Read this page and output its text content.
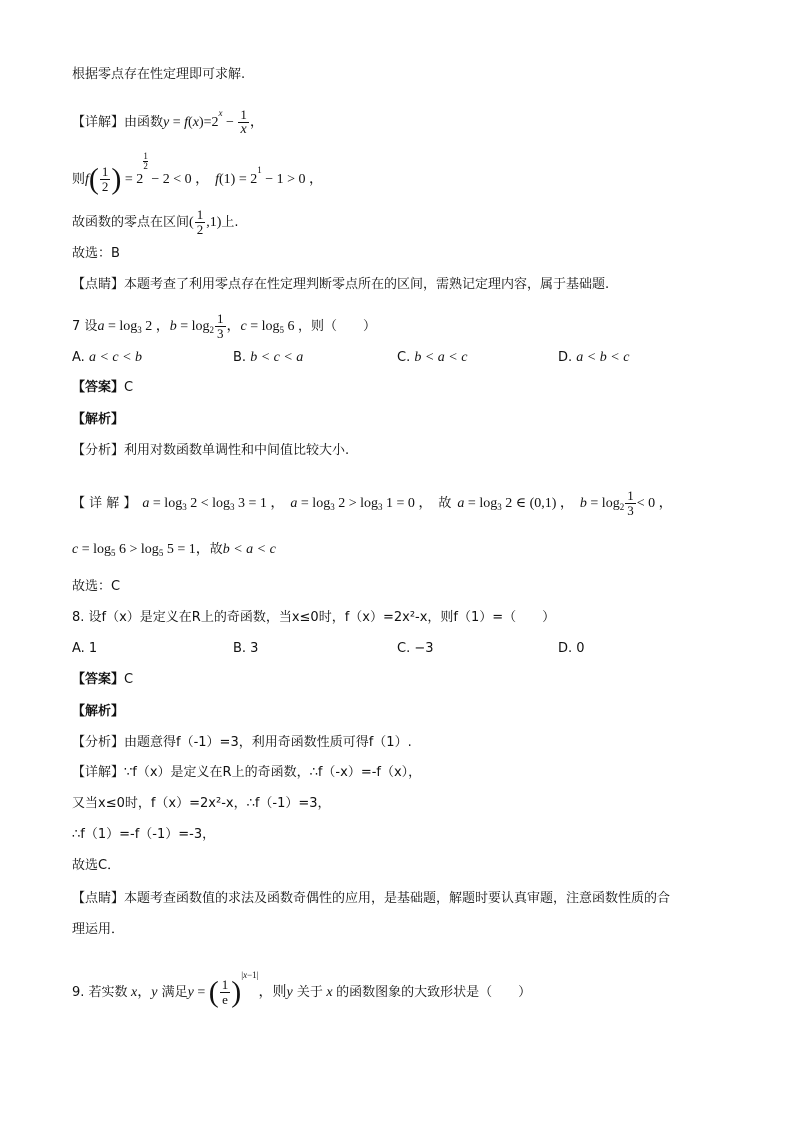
根据零点存在性定理即可求解.
【详解】由函数$y = f(x)=2^x - \frac{1}{x}$ ，
则$f( \frac{1}{2}$ ) = 2
$\frac{1}{2}$
− 2 < 0 ， $f(1) = 2^1 - 1 > 0$ ，
故函数的零点在区间( $\frac{1}{2} ,1$)上.
故选：B
【点睛】本题考查了利用零点存在性定理判断零点所在的区间，需熟记定理内容，属于基础题.
7 设$a = \log_3 2$ ，$b = \log_2 \frac{1}{3}$ ，$c = \log_5 6$ ，则（　　）
A. a < c < b	B. b < c < a	C. b < a < c	D. a < b < c
【答案】C
【解析】
【分析】利用对数函数单调性和中间值比较大小.
【 详 解 】 $a = \log_3 2 < \log_3 3 = 1$ ， $a = \log_3 2 > \log_3 1 = 0$ ， 故 $a = \log_3 2$ ∈ (0,1) ， $b = \log_2 \frac{1}{3} < 0$ ，
$c = \log_5 6 > \log_5 5 = 1$，故b < a < c
故选：C
8. 设f（x）是定义在R上的奇函数，当x≤0时，f（x）=2x²-x，则f（1）=（　　）
A. 1	B. 3	C. −3	D. 0
【答案】C
【解析】
【分析】由题意得f（-1）=3，利用奇函数性质可得f（1）.
【详解】∵f（x）是定义在R上的奇函数，∴f（-x）=-f（x），
又当x≤0时，f（x）=2x²-x，∴f（-1）=3，
∴f（1）=-f（-1）=-3，
故选C．
【点睛】本题考查函数值的求法及函数奇偶性的应用，是基础题，解题时要认真审题，注意函数性质的合
理运用．
9. 若实数 x，y 满足y = ( $\frac{1}{e} )^{|x-1|}$，则y 关于 x 的函数图象的大致形状是（　　）
